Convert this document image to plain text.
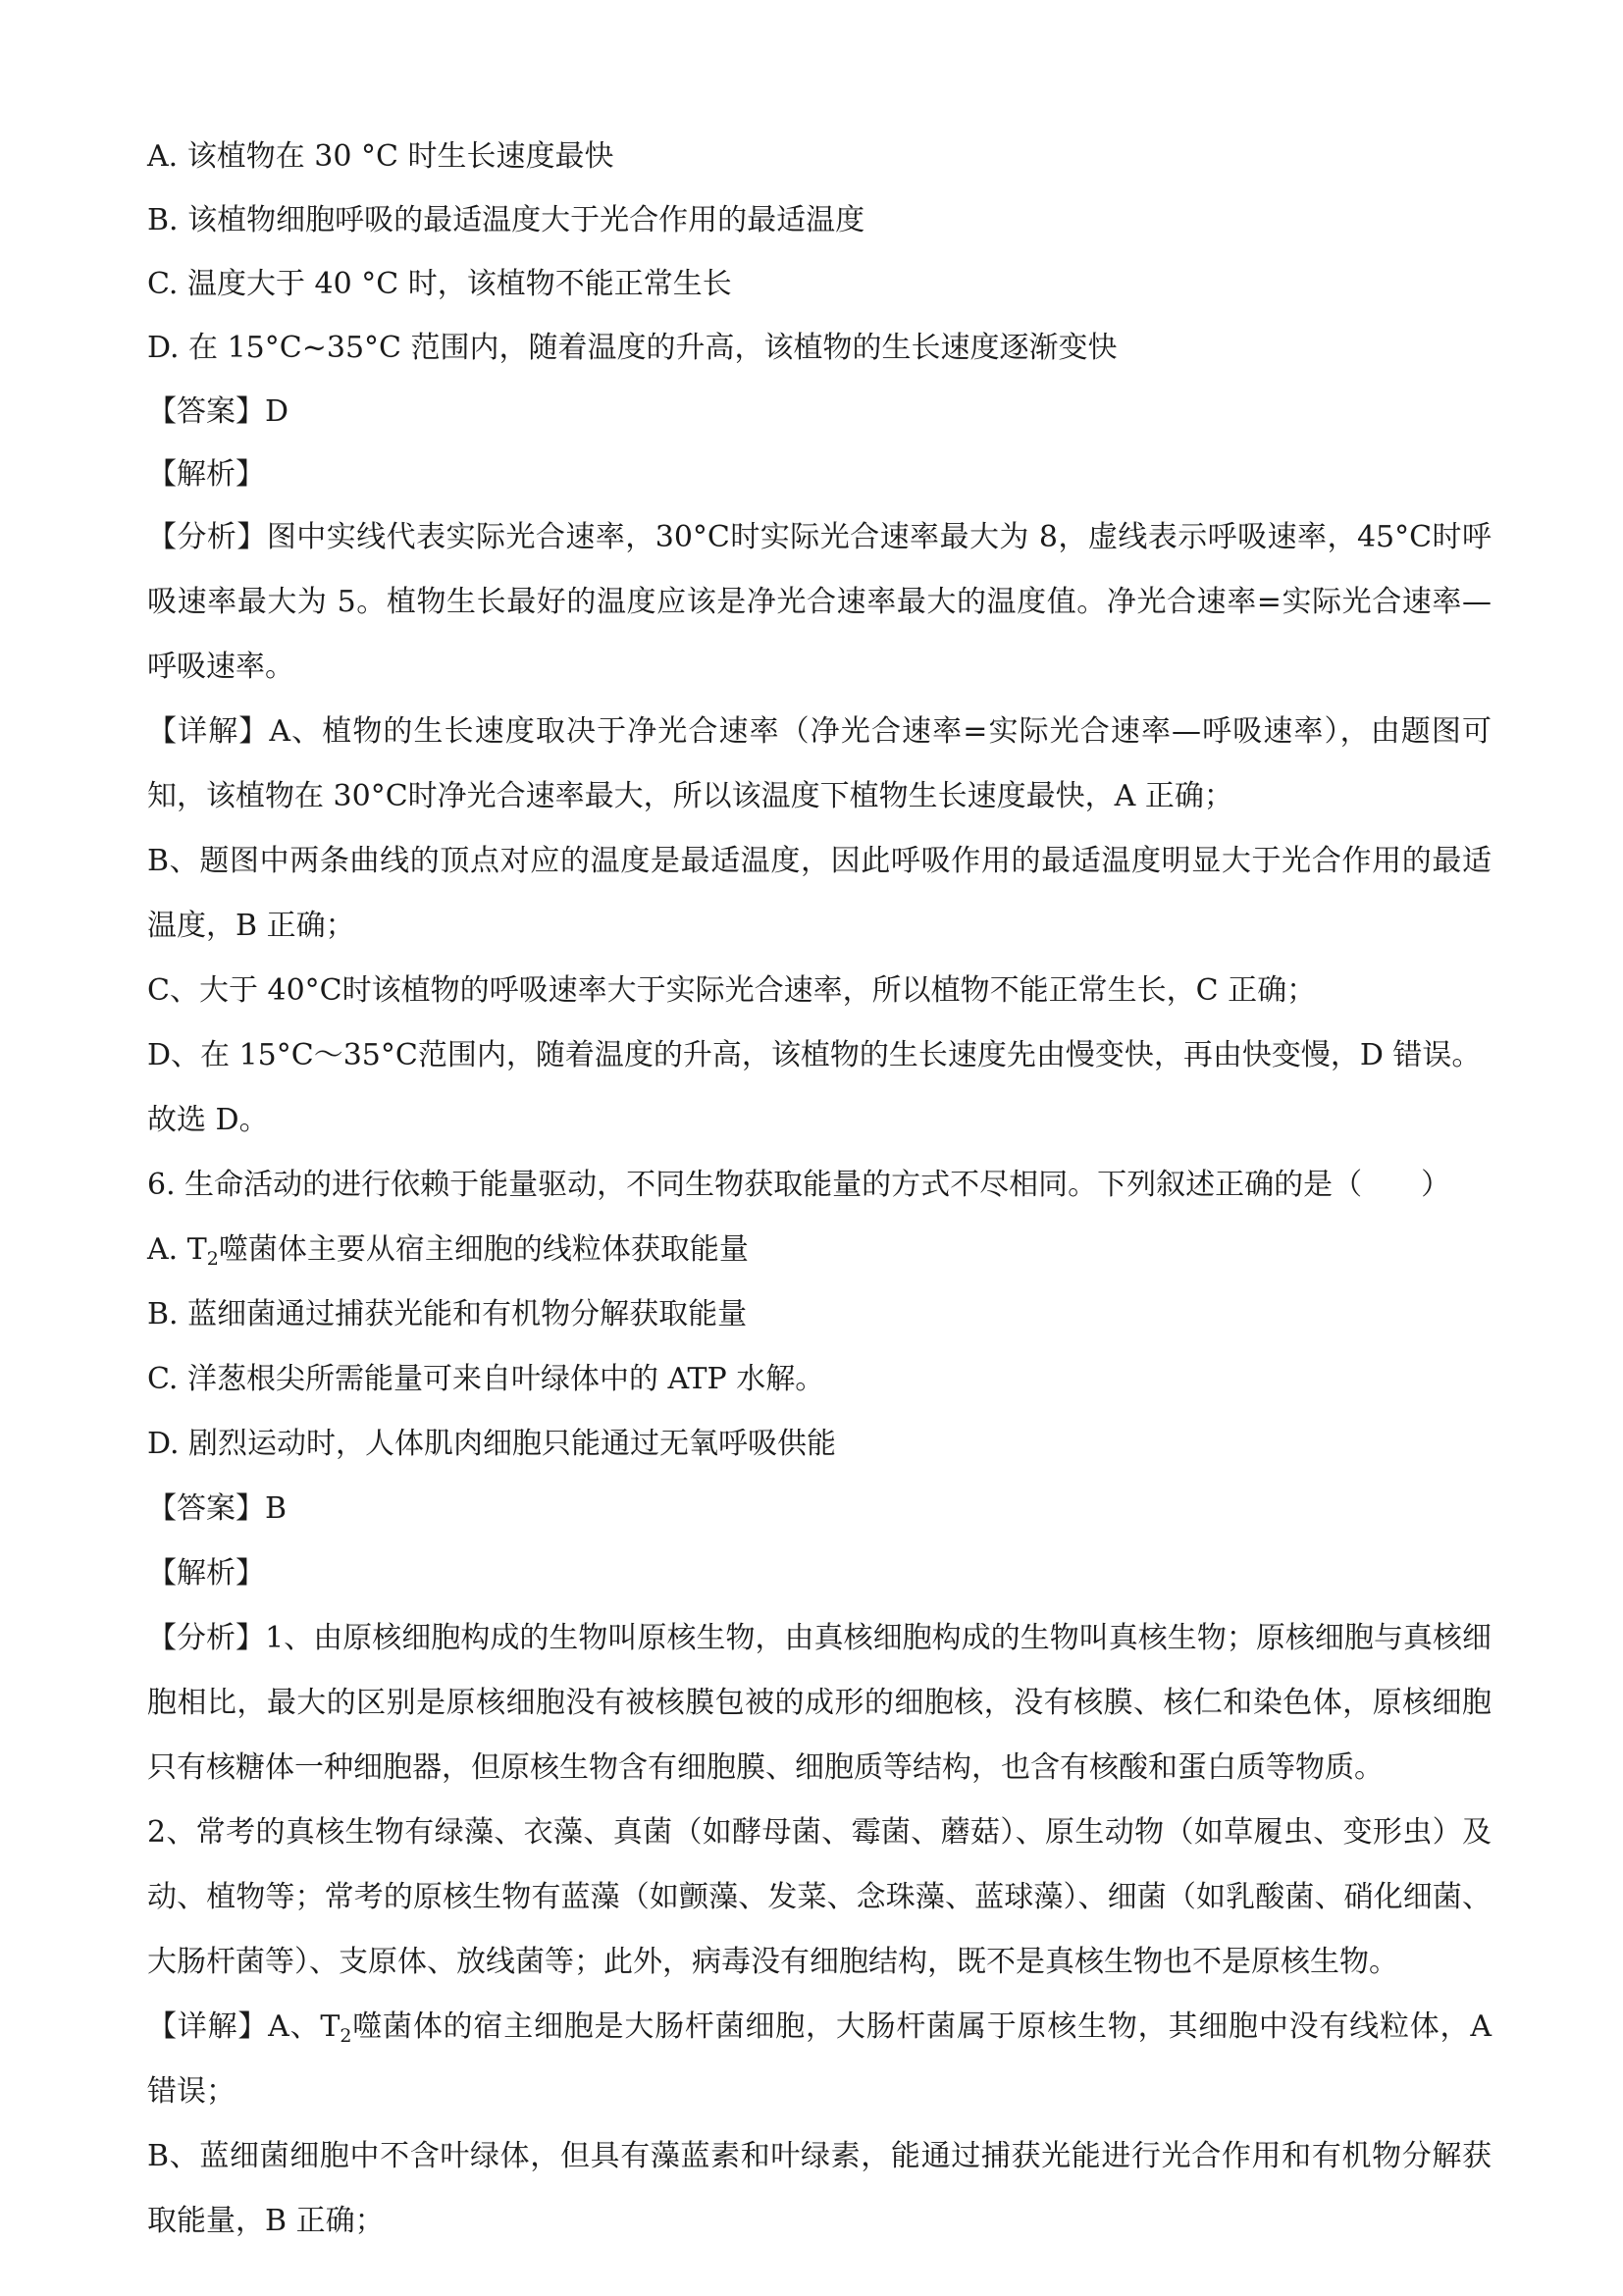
A. 该植物在 30 °C 时生长速度最快

B. 该植物细胞呼吸的最适温度大于光合作用的最适温度

C. 温度大于 40 °C 时，该植物不能正常生长

D. 在 15°C~35°C 范围内，随着温度的升高，该植物的生长速度逐渐变快

【答案】D

【解析】

【分析】图中实线代表实际光合速率，30°C时实际光合速率最大为 8，虚线表示呼吸速率，45°C时呼吸速率最大为 5。植物生长最好的温度应该是净光合速率最大的温度值。净光合速率=实际光合速率—呼吸速率。

【详解】A、植物的生长速度取决于净光合速率（净光合速率=实际光合速率—呼吸速率），由题图可知，该植物在 30°C时净光合速率最大，所以该温度下植物生长速度最快，A 正确；

B、题图中两条曲线的顶点对应的温度是最适温度，因此呼吸作用的最适温度明显大于光合作用的最适温度，B 正确；

C、大于 40°C时该植物的呼吸速率大于实际光合速率，所以植物不能正常生长，C 正确；

D、在 15°C～35°C范围内，随着温度的升高，该植物的生长速度先由慢变快，再由快变慢，D 错误。

故选 D。

6. 生命活动的进行依赖于能量驱动，不同生物获取能量的方式不尽相同。下列叙述正确的是（　　）

A. $T_2$噬菌体主要从宿主细胞的线粒体获取能量

B. 蓝细菌通过捕获光能和有机物分解获取能量

C. 洋葱根尖所需能量可来自叶绿体中的 ATP 水解。

D. 剧烈运动时，人体肌肉细胞只能通过无氧呼吸供能

【答案】B

【解析】

【分析】1、由原核细胞构成的生物叫原核生物，由真核细胞构成的生物叫真核生物；原核细胞与真核细胞相比，最大的区别是原核细胞没有被核膜包被的成形的细胞核，没有核膜、核仁和染色体，原核细胞只有核糖体一种细胞器，但原核生物含有细胞膜、细胞质等结构，也含有核酸和蛋白质等物质。

2、常考的真核生物有绿藻、衣藻、真菌（如酵母菌、霉菌、蘑菇）、原生动物（如草履虫、变形虫）及动、植物等；常考的原核生物有蓝藻（如颤藻、发菜、念珠藻、蓝球藻）、细菌（如乳酸菌、硝化细菌、大肠杆菌等）、支原体、放线菌等；此外，病毒没有细胞结构，既不是真核生物也不是原核生物。

【详解】A、$T_2$噬菌体的宿主细胞是大肠杆菌细胞，大肠杆菌属于原核生物，其细胞中没有线粒体，A 错误；

B、蓝细菌细胞中不含叶绿体，但具有藻蓝素和叶绿素，能通过捕获光能进行光合作用和有机物分解获取能量，B 正确；
